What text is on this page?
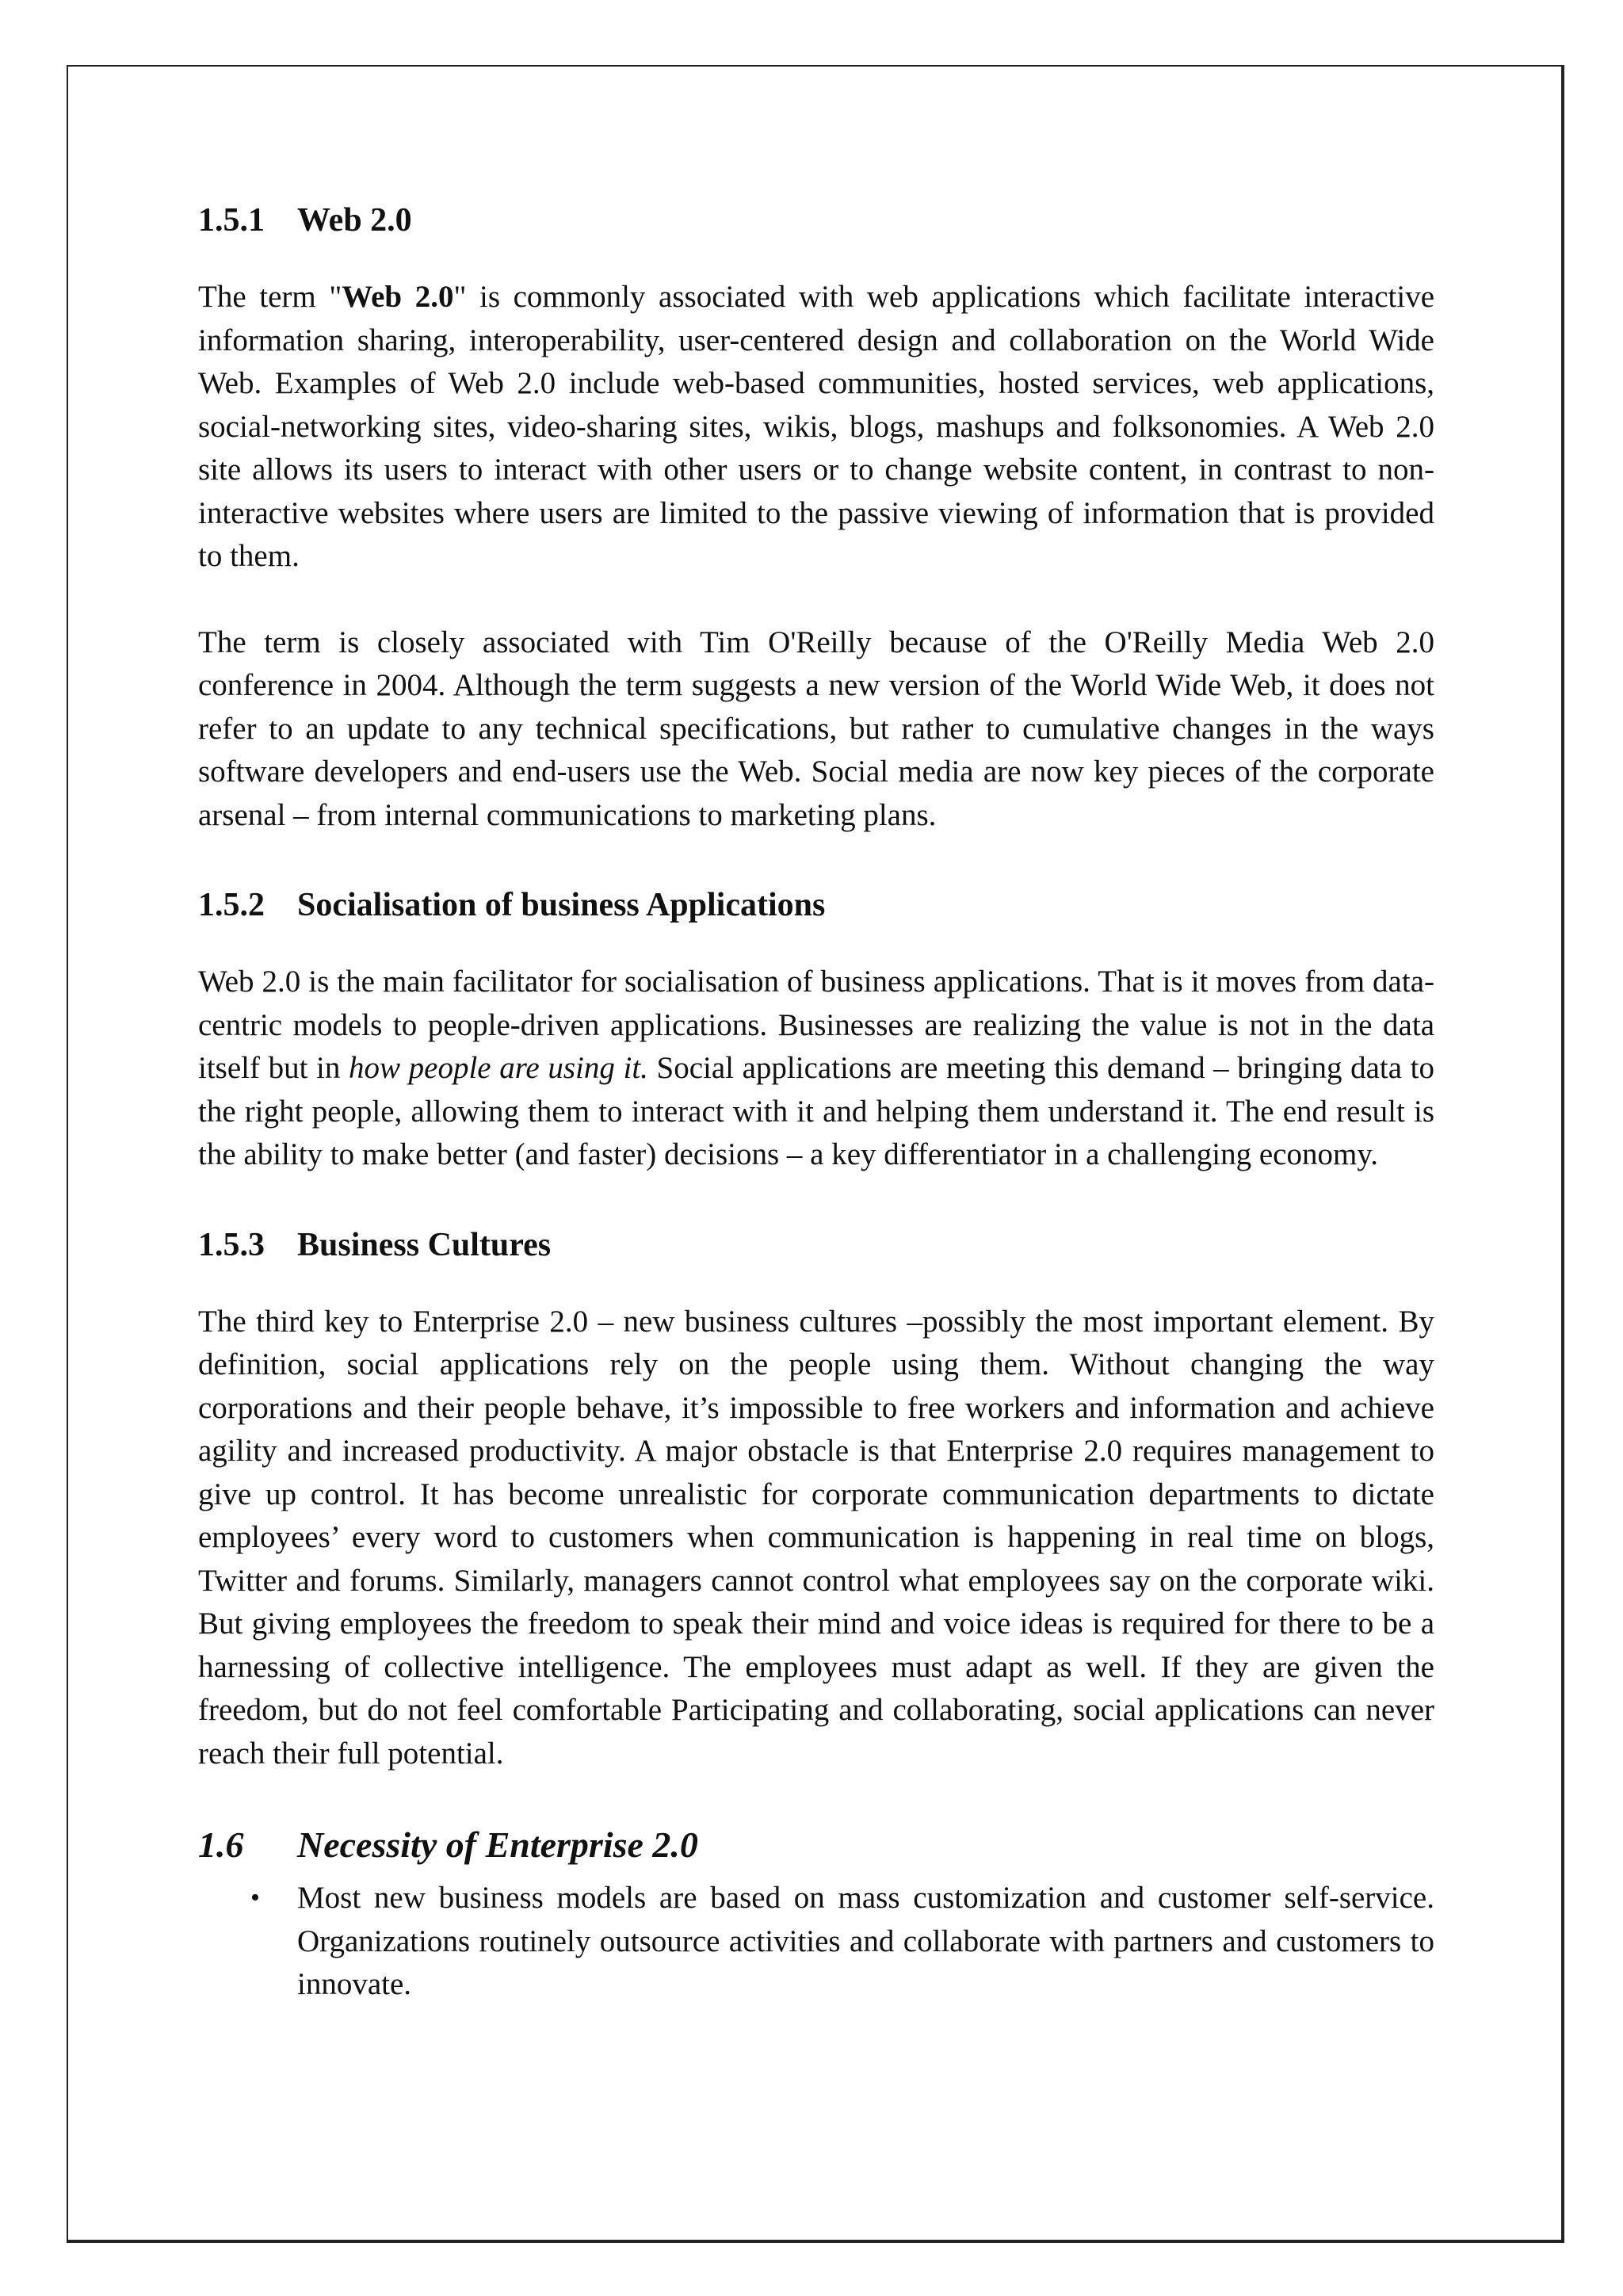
1.5.1 Web 2.0

The term "Web 2.0" is commonly associated with web applications which facilitate interactive information sharing, interoperability, user-centered design and collaboration on the World Wide Web. Examples of Web 2.0 include web-based communities, hosted services, web applications, social-networking sites, video-sharing sites, wikis, blogs, mashups and folksonomies. A Web 2.0 site allows its users to interact with other users or to change website content, in contrast to non-interactive websites where users are limited to the passive viewing of information that is provided to them.

The term is closely associated with Tim O'Reilly because of the O'Reilly Media Web 2.0 conference in 2004. Although the term suggests a new version of the World Wide Web, it does not refer to an update to any technical specifications, but rather to cumulative changes in the ways software developers and end-users use the Web. Social media are now key pieces of the corporate arsenal – from internal communications to marketing plans.

1.5.2 Socialisation of business Applications

Web 2.0 is the main facilitator for socialisation of business applications. That is it moves from data-centric models to people-driven applications. Businesses are realizing the value is not in the data itself but in how people are using it. Social applications are meeting this demand – bringing data to the right people, allowing them to interact with it and helping them understand it. The end result is the ability to make better (and faster) decisions – a key differentiator in a challenging economy.

1.5.3 Business Cultures

The third key to Enterprise 2.0 – new business cultures –possibly the most important element. By definition, social applications rely on the people using them. Without changing the way corporations and their people behave, it’s impossible to free workers and information and achieve agility and increased productivity. A major obstacle is that Enterprise 2.0 requires management to give up control. It has become unrealistic for corporate communication departments to dictate employees’ every word to customers when communication is happening in real time on blogs, Twitter and forums. Similarly, managers cannot control what employees say on the corporate wiki. But giving employees the freedom to speak their mind and voice ideas is required for there to be a harnessing of collective intelligence. The employees must adapt as well. If they are given the freedom, but do not feel comfortable Participating and collaborating, social applications can never reach their full potential.

1.6 Necessity of Enterprise 2.0
• Most new business models are based on mass customization and customer self-service. Organizations routinely outsource activities and collaborate with partners and customers to innovate.
